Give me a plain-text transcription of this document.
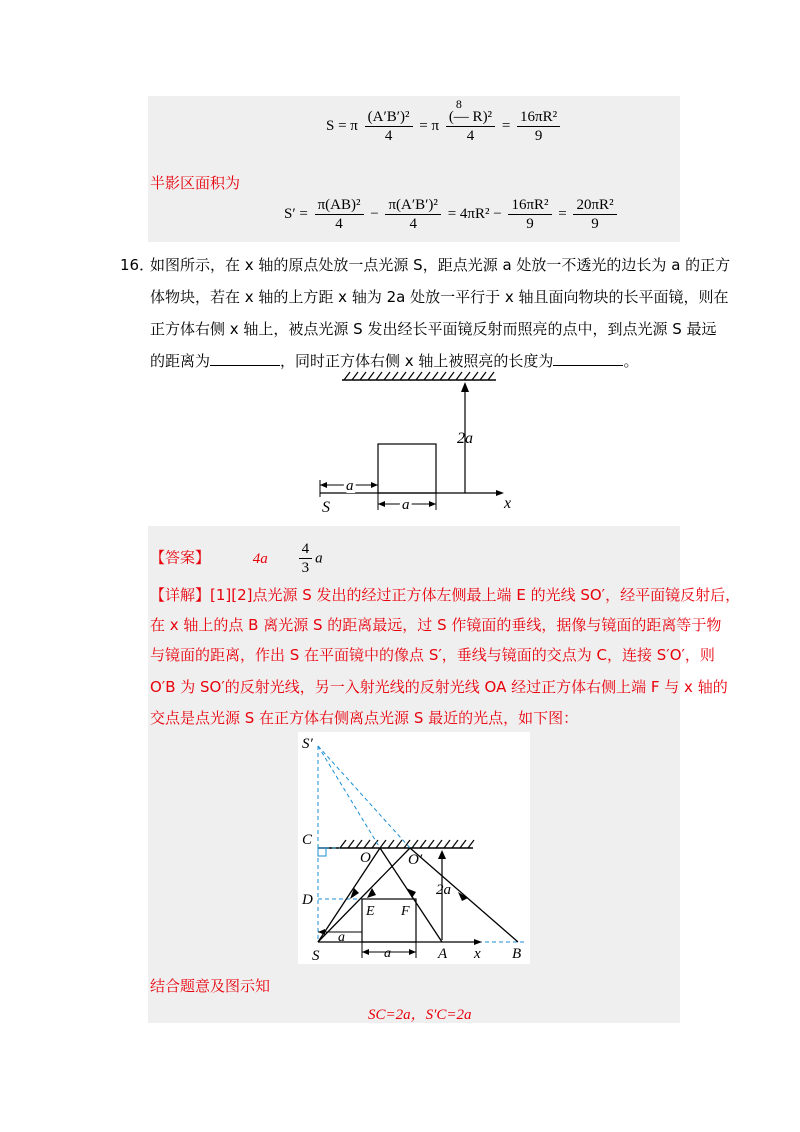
S = π $\frac{\text{(A′B′)²}}{4} = \pi$
8
(— R)²
4
= $\frac{\text{16πR²}}{9}$
半影区面积为
$S' = \frac{\text{π(AB)²}}{4} - \frac{\text{π(A′B′)²}}{4} = 4\pi R^2 - \frac{\text{16πR²}}{9} = \frac{\text{20πR²}}{9}$
16．
如图所示，在 x 轴的原点处放一点光源 S，距点光源 a 处放一不透光的边长为 a 的正方
体物块，若在 x 轴的上方距 x 轴为 2a 处放一平行于 x 轴且面向物块的长平面镜，则在
正方体右侧 x 轴上，被点光源 S 发出经长平面镜反射而照亮的点中，到点光源 S 最远
的距离为	，同时正方体右侧 x 轴上被照亮的长度为	。
2a
a
a
S	x
【答案】	$4a \frac{4}{3}$ a
【详解】[1][2]点光源 S 发出的经过正方体左侧最上端 E 的光线 SO′，经平面镜反射后，
在 x 轴上的点 B 离光源 S 的距离最远，过 S 作镜面的垂线，据像与镜面的距离等于物
与镜面的距离，作出 S 在平面镜中的像点 S′，垂线与镜面的交点为 C，连接 S′O′，则
O′B 为 SO′的反射光线，另一入射光线的反射光线 OA 经过正方体右侧上端 F 与 x 轴的
交点是点光源 S 在正方体右侧离点光源 S 最近的光点，如下图：
S′
C
O O′
D
E F
2a
a
a
S	A x B
结合题意及图示知
SC=2a，S′C=2a
